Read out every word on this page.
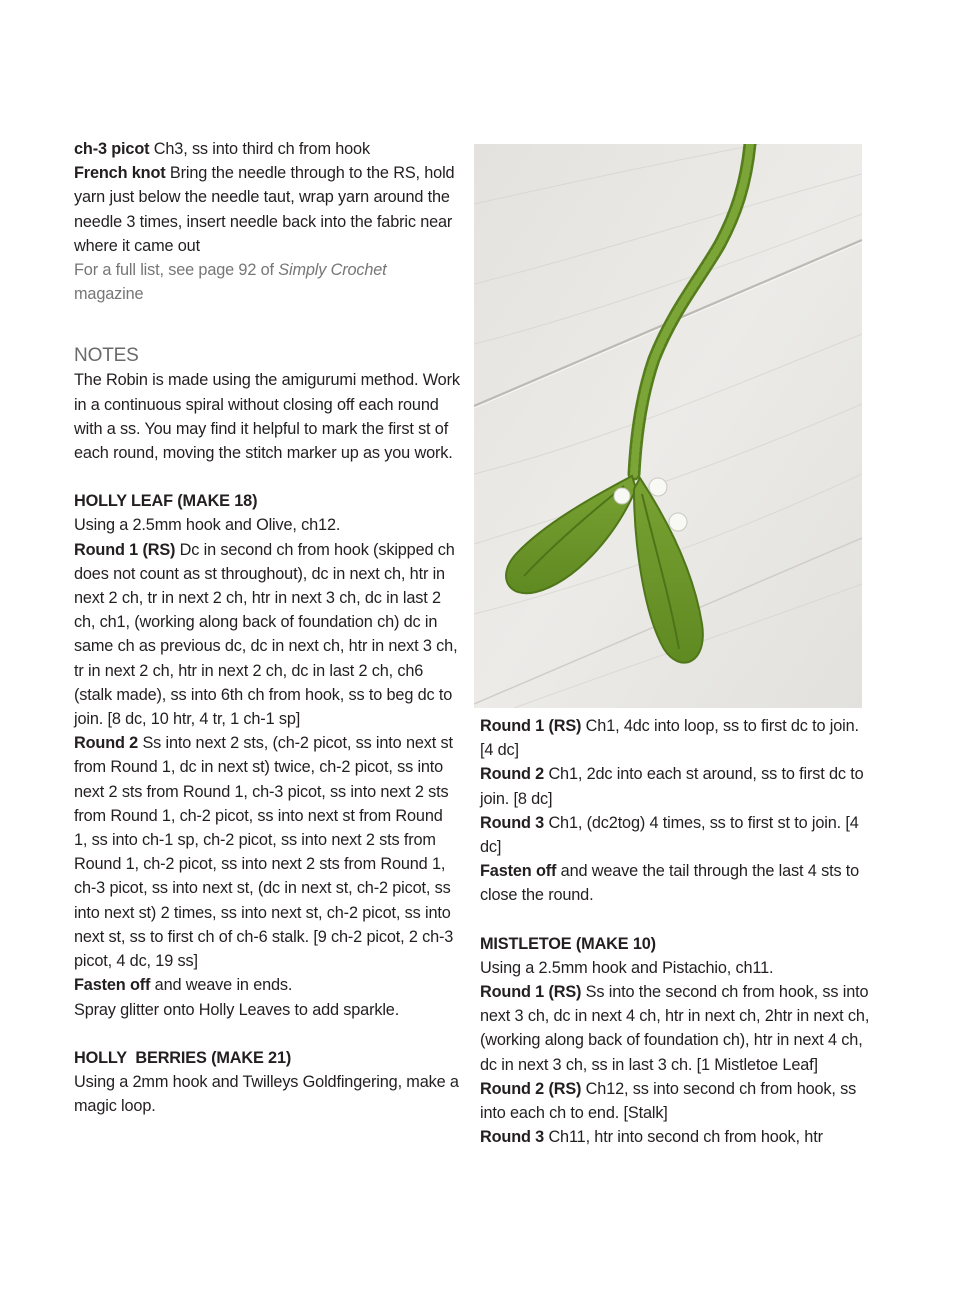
ch-3 picot Ch3, ss into third ch from hook

French knot Bring the needle through to the RS, hold yarn just below the needle taut, wrap yarn around the needle 3 times, insert needle back into the fabric near where it came out

For a full list, see page 92 of Simply Crochet magazine

NOTES

The Robin is made using the amigurumi method. Work in a continuous spiral without closing off each round with a ss. You may find it helpful to mark the first st of each round, moving the stitch marker up as you work.

HOLLY LEAF (MAKE 18)

Using a 2.5mm hook and Olive, ch12.

Round 1 (RS) Dc in second ch from hook (skipped ch does not count as st throughout), dc in next ch, htr in next 2 ch, tr in next 2 ch, htr in next 3 ch, dc in last 2 ch, ch1, (working along back of foundation ch) dc in same ch as previous dc, dc in next ch, htr in next 3 ch, tr in next 2 ch, htr in next 2 ch, dc in last 2 ch, ch6 (stalk made), ss into 6th ch from hook, ss to beg dc to join. [8 dc, 10 htr, 4 tr, 1 ch-1 sp]

Round 2 Ss into next 2 sts, (ch-2 picot, ss into next st from Round 1, dc in next st) twice, ch-2 picot, ss into next 2 sts from Round 1, ch-3 picot, ss into next 2 sts from Round 1, ch-2 picot, ss into next st from Round 1, ss into ch-1 sp, ch-2 picot, ss into next 2 sts from Round 1, ch-2 picot, ss into next 2 sts from Round 1, ch-3 picot, ss into next st, (dc in next st, ch-2 picot, ss into next st) 2 times, ss into next st, ch-2 picot, ss into next st, ss to first ch of ch-6 stalk. [9 ch-2 picot, 2 ch-3 picot, 4 dc, 19 ss]

Fasten off and weave in ends.

Spray glitter onto Holly Leaves to add sparkle.

HOLLY  BERRIES (MAKE 21)

Using a 2mm hook and Twilleys Goldfingering, make a magic loop.

Round 1 (RS) Ch1, 4dc into loop, ss to first dc to join. [4 dc]

Round 2 Ch1, 2dc into each st around, ss to first dc to join. [8 dc]

Round 3 Ch1, (dc2tog) 4 times, ss to first st to join. [4 dc]

Fasten off and weave the tail through the last 4 sts to close the round.

MISTLETOE (MAKE 10)

Using a 2.5mm hook and Pistachio, ch11.

Round 1 (RS) Ss into the second ch from hook, ss into next 3 ch, dc in next 4 ch, htr in next ch, 2htr in next ch, (working along back of foundation ch), htr in next 4 ch, dc in next 3 ch, ss in last 3 ch. [1 Mistletoe Leaf]

Round 2 (RS) Ch12, ss into second ch from hook, ss into each ch to end. [Stalk]

Round 3 Ch11, htr into second ch from hook, htr
